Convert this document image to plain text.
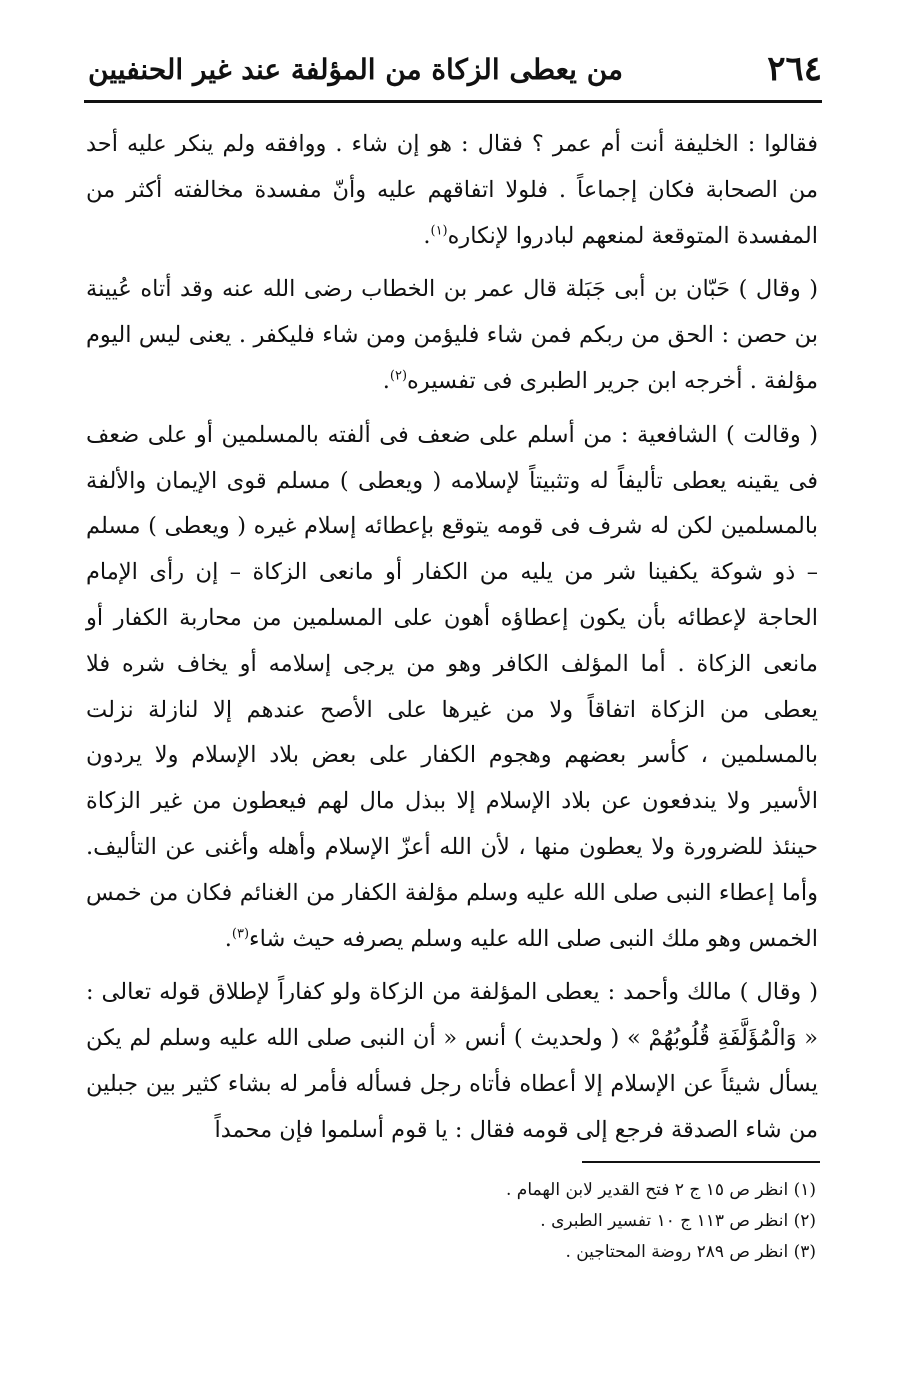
٢٦٤
من يعطى الزكاة من المؤلفة عند غير الحنفيين

فقالوا : الخليفة أنت أم عمر ؟ فقال : هو إن شاء . ووافقه ولم ينكر عليه أحد من الصحابة فكان إجماعاً . فلولا اتفاقهم عليه وأنّ مفسدة مخالفته أكثر من المفسدة المتوقعة لمنعهم لبادروا لإنكاره$^{(١)}$.

( وقال ) حَبّان بن أبى جَبَلة قال عمر بن الخطاب رضى الله عنه وقد أتاه عُيينة بن حصن : الحق من ربكم فمن شاء فليؤمن ومن شاء فليكفر . يعنى ليس اليوم مؤلفة . أخرجه ابن جرير الطبرى فى تفسيره$^{(٢)}$.

( وقالت ) الشافعية : من أسلم على ضعف فى ألفته بالمسلمين أو على ضعف فى يقينه يعطى تأليفاً له وتثبيتاً لإسلامه ( ويعطى ) مسلم قوى الإيمان والألفة بالمسلمين لكن له شرف فى قومه يتوقع بإعطائه إسلام غيره ( ويعطى ) مسلم – ذو شوكة يكفينا شر من يليه من الكفار أو مانعى الزكاة – إن رأى الإمام الحاجة لإعطائه بأن يكون إعطاؤه أهون على المسلمين من محاربة الكفار أو مانعى الزكاة . أما المؤلف الكافر وهو من يرجى إسلامه أو يخاف شره فلا يعطى من الزكاة اتفاقاً ولا من غيرها على الأصح عندهم إلا لنازلة نزلت بالمسلمين ، كأسر بعضهم وهجوم الكفار على بعض بلاد الإسلام ولا يردون الأسير ولا يندفعون عن بلاد الإسلام إلا ببذل مال لهم فيعطون من غير الزكاة حينئذ للضرورة ولا يعطون منها ، لأن الله أعزّ الإسلام وأهله وأغنى عن التأليف. وأما إعطاء النبى صلى الله عليه وسلم مؤلفة الكفار من الغنائم فكان من خمس الخمس وهو ملك النبى صلى الله عليه وسلم يصرفه حيث شاء$^{(٣)}$.

( وقال ) مالك وأحمد : يعطى المؤلفة من الزكاة ولو كفاراً لإطلاق قوله تعالى : « وَالْمُؤَلَّفَةِ قُلُوبُهُمْ » ( ولحديث ) أنس « أن النبى صلى الله عليه وسلم لم يكن يسأل شيئاً عن الإسلام إلا أعطاه فأتاه رجل فسأله فأمر له بشاء كثير بين جبلين من شاء الصدقة فرجع إلى قومه فقال : يا قوم أسلموا فإن محمداً

(١) انظر ص ١٥ ج ٢ فتح القدير لابن الهمام .
(٢) انظر ص ١١٣ ج ١٠ تفسير الطبرى .
(٣) انظر ص ٢٨٩ روضة المحتاجين .
